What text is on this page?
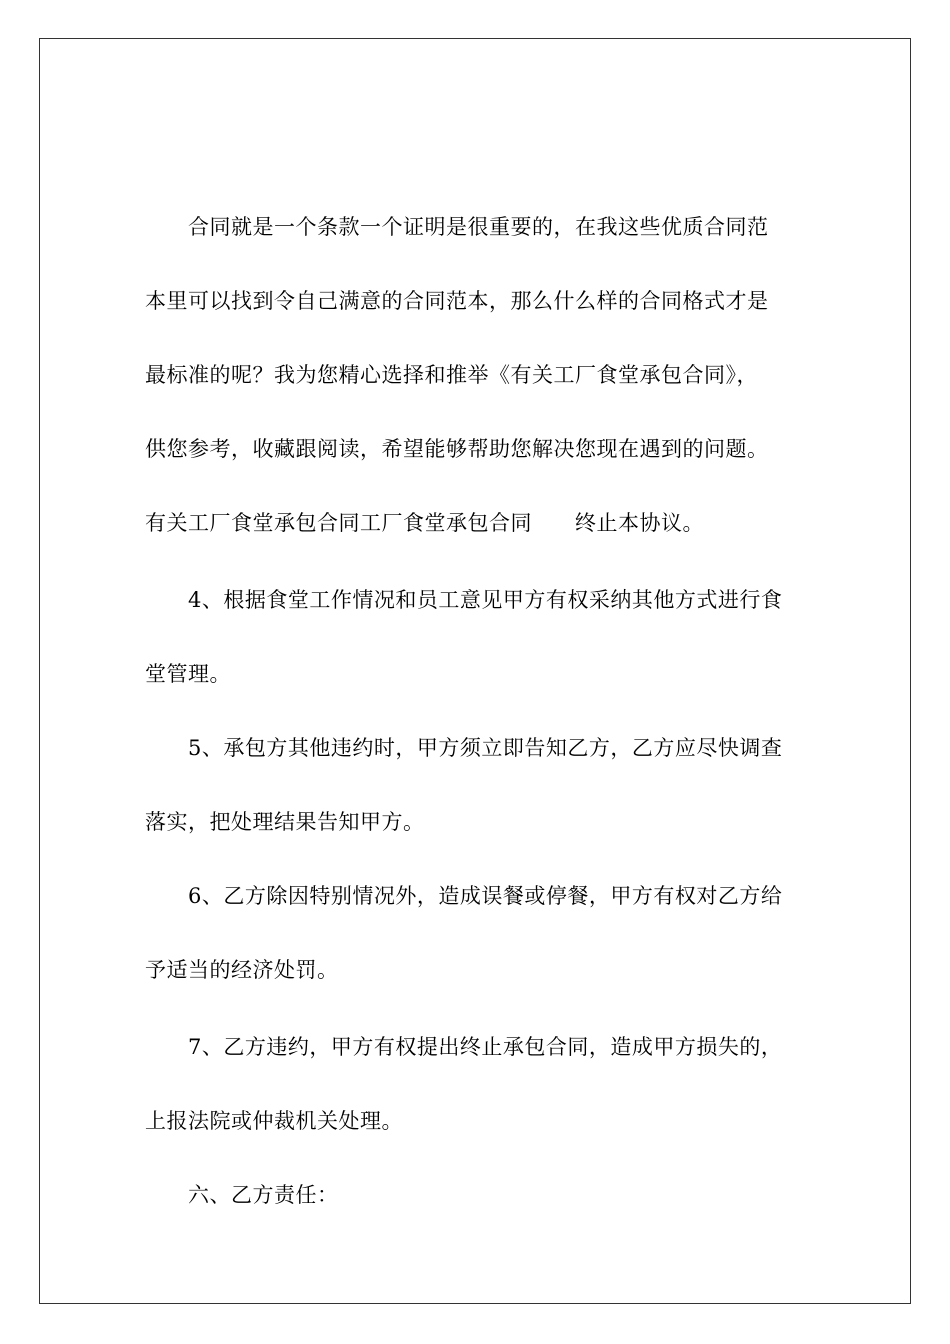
合同就是一个条款一个证明是很重要的，在我这些优质合同范
本里可以找到令自己满意的合同范本，那么什么样的合同格式才是
最标准的呢？我为您精心选择和推举《有关工厂食堂承包合同》，
供您参考，收藏跟阅读，希望能够帮助您解决您现在遇到的问题。
有关工厂食堂承包合同工厂食堂承包合同　　终止本协议。
4、根据食堂工作情况和员工意见甲方有权采纳其他方式进行食
堂管理。
5、承包方其他违约时，甲方须立即告知乙方，乙方应尽快调查
落实，把处理结果告知甲方。
6、乙方除因特别情况外，造成误餐或停餐，甲方有权对乙方给
予适当的经济处罚。
7、乙方违约，甲方有权提出终止承包合同，造成甲方损失的，
上报法院或仲裁机关处理。
六、乙方责任：
